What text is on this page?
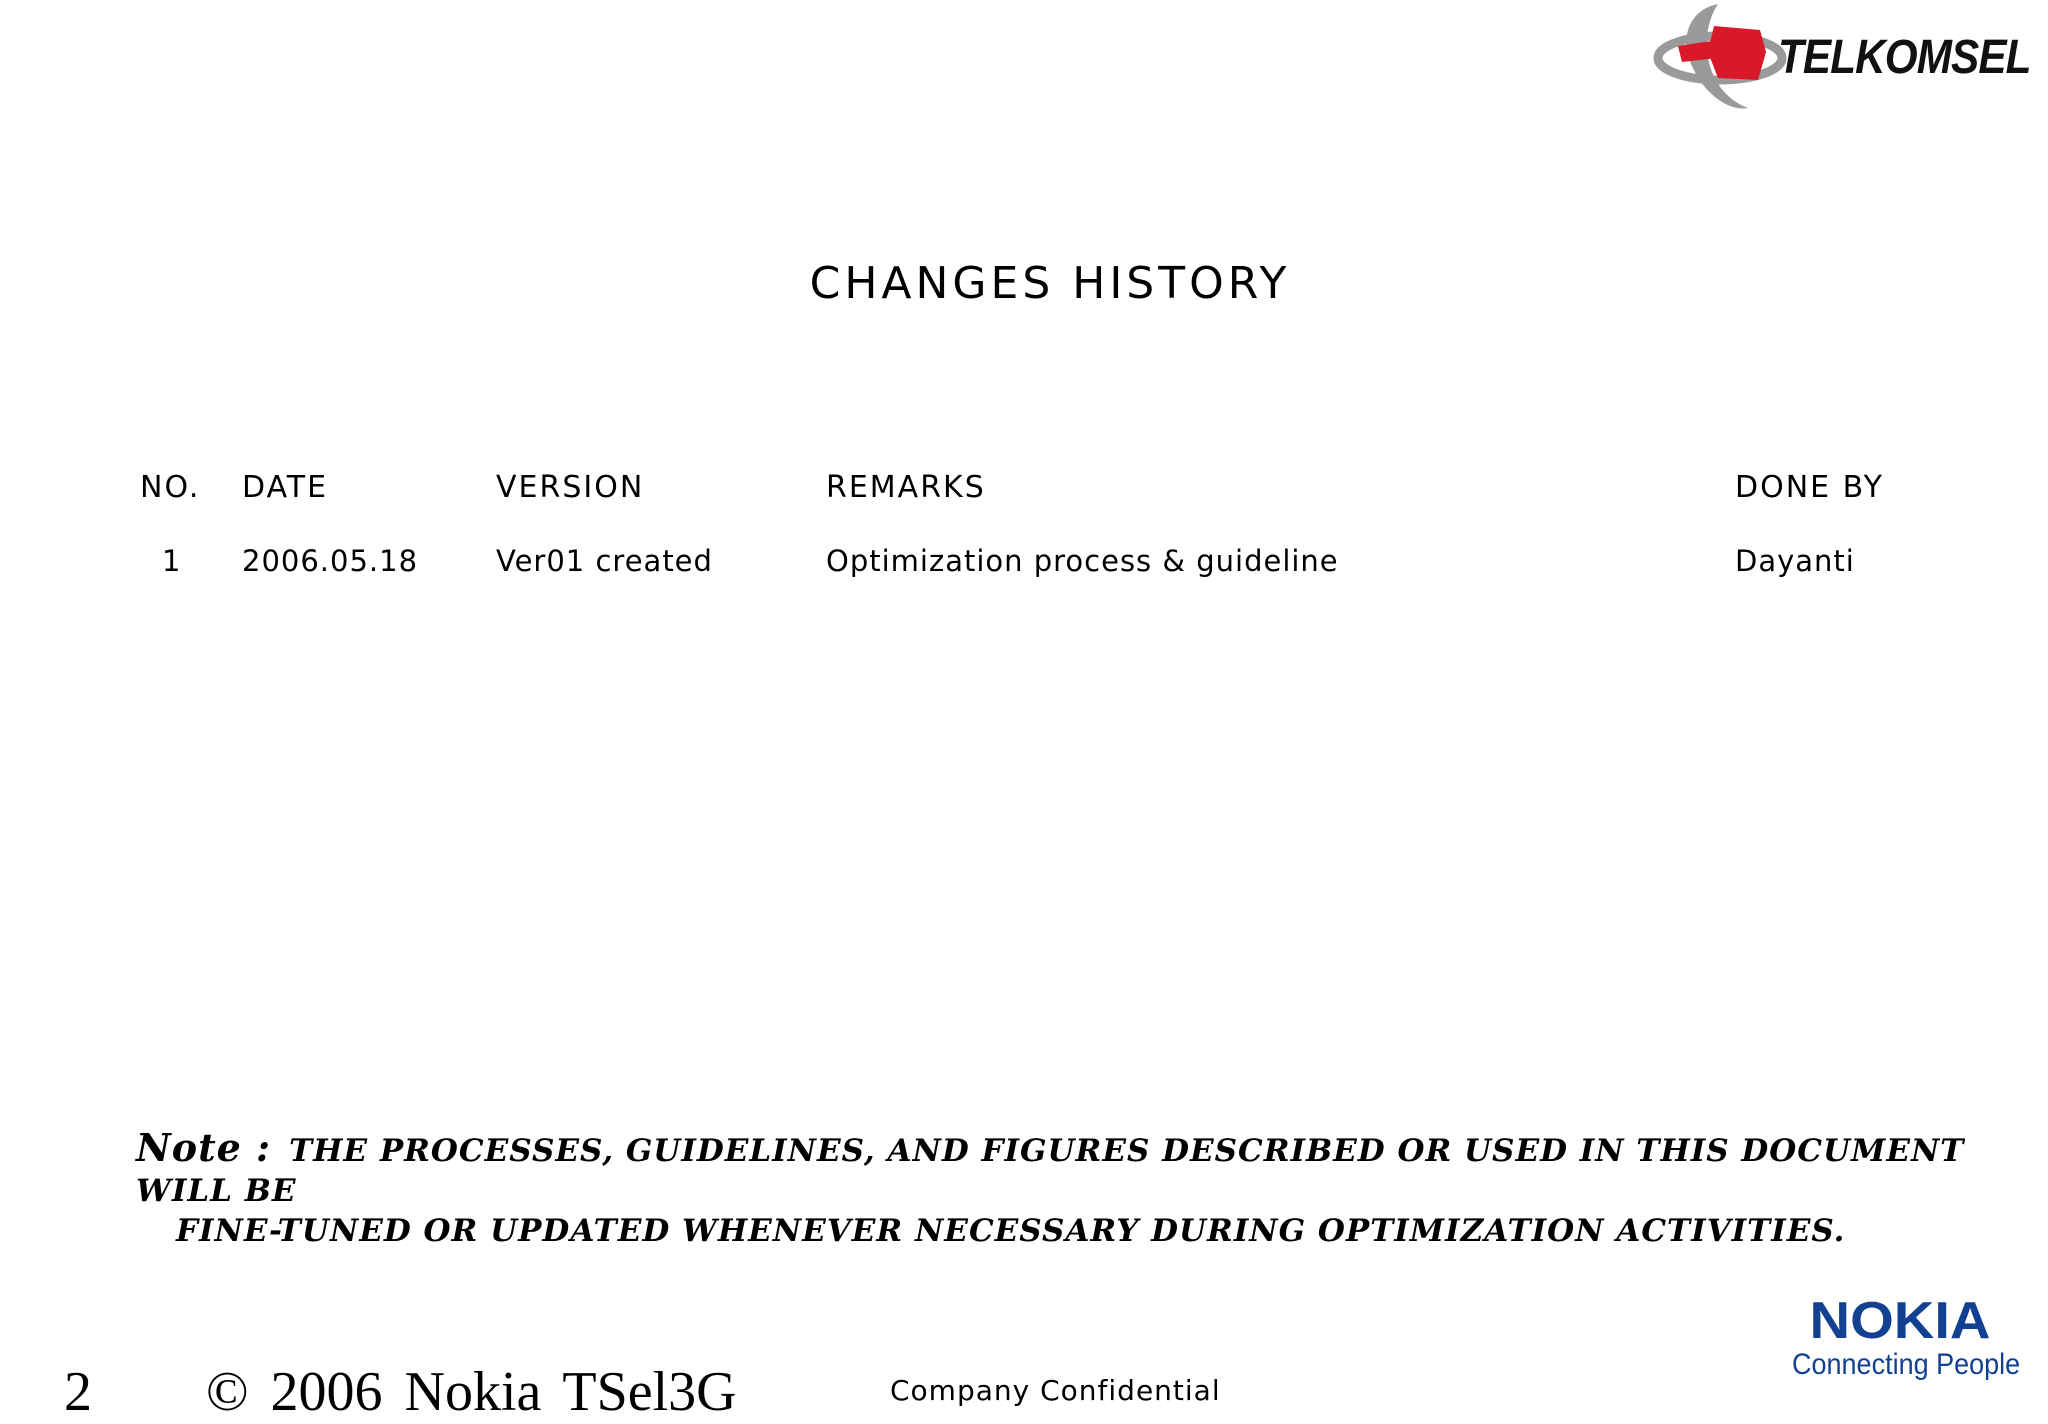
TELKOMSEL
CHANGES HISTORY
NO. DATE	VERSION	REMARKS	DONE BY
1 2006.05.18	Ver01 created	Optimization process & guideline	Dayanti
Note : THE PROCESSES, GUIDELINES, AND FIGURES DESCRIBED OR USED IN THIS DOCUMENT WILL BE
FINE-TUNED OR UPDATED WHENEVER NECESSARY DURING OPTIMIZATION ACTIVITIES.
2 © 2006 Nokia TSel3G	Company Confidential
NOKIA
Connecting People
